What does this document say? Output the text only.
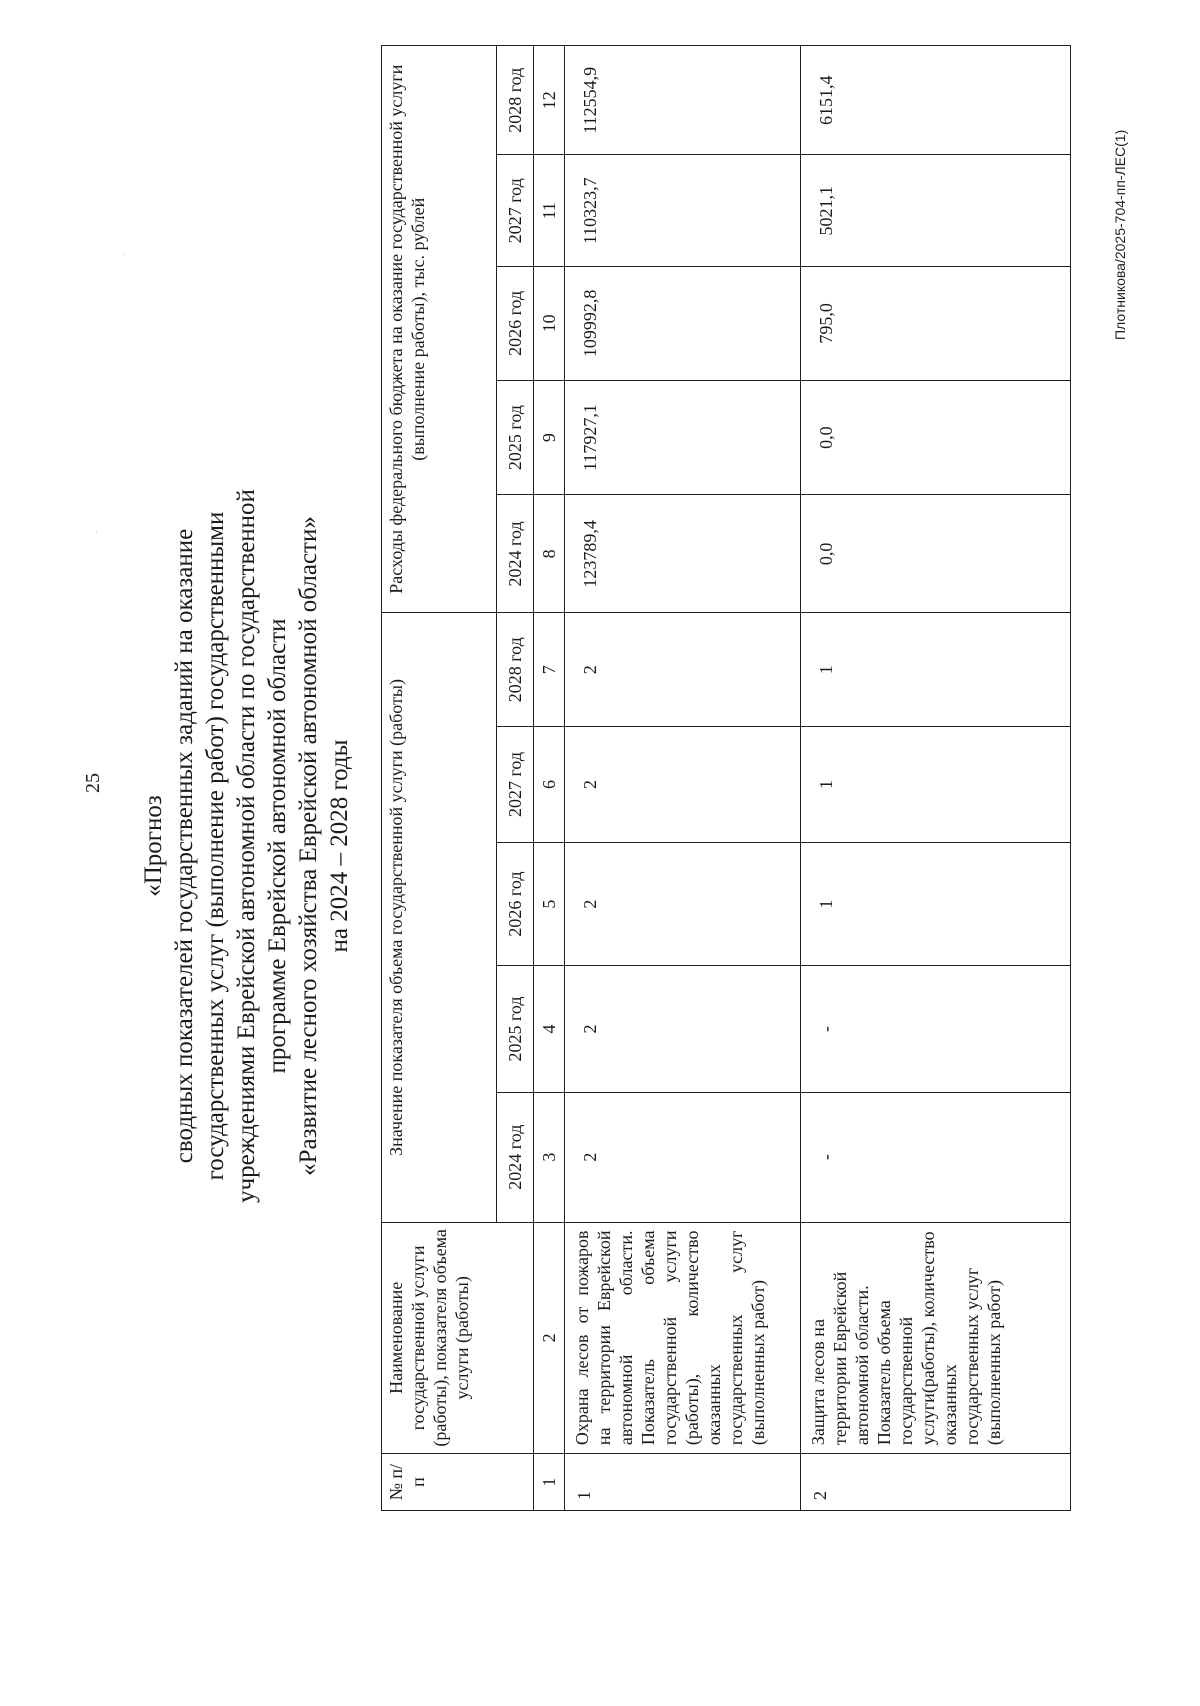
25
«Прогноз сводных показателей государственных заданий на оказание государственных услуг (выполнение работ) государственными учреждениями Еврейской автономной области по государственной программе Еврейской автономной области «Развитие лесного хозяйства Еврейской автономной области» на 2024 – 2028 годы
№ п/п	Наименование государственной услуги (работы), показателя объема услуги (работы)	Значение показателя объема государственной услуги (работы)					Расходы федерального бюджета на оказание государственной услуги (выполнение работы), тыс. рублей				
		2024 год	2025 год	2026 год	2027 год	2028 год	2024 год	2025 год	2026 год	2027 год	2028 год
1	2	3	4	5	6	7	8	9	10	11	12
1	Охрана лесов от пожаров на территории Еврейской автономной области. Показатель объема государственной услуги (работы), количество оказанных государственных услуг (выполненных работ)	2	2	2	2	2	123789,4	117927,1	109992,8	110323,7	112554,9
2	Защита лесов на территории Еврейской автономной области. Показатель объема государственной услуги(работы), количество оказанных государственных услуг (выполненных работ)	-	-	1	1	1	0,0	0,0	795,0	5021,1	6151,4
Плотникова/2025-704-пп-ЛЕС(1)
·
·
